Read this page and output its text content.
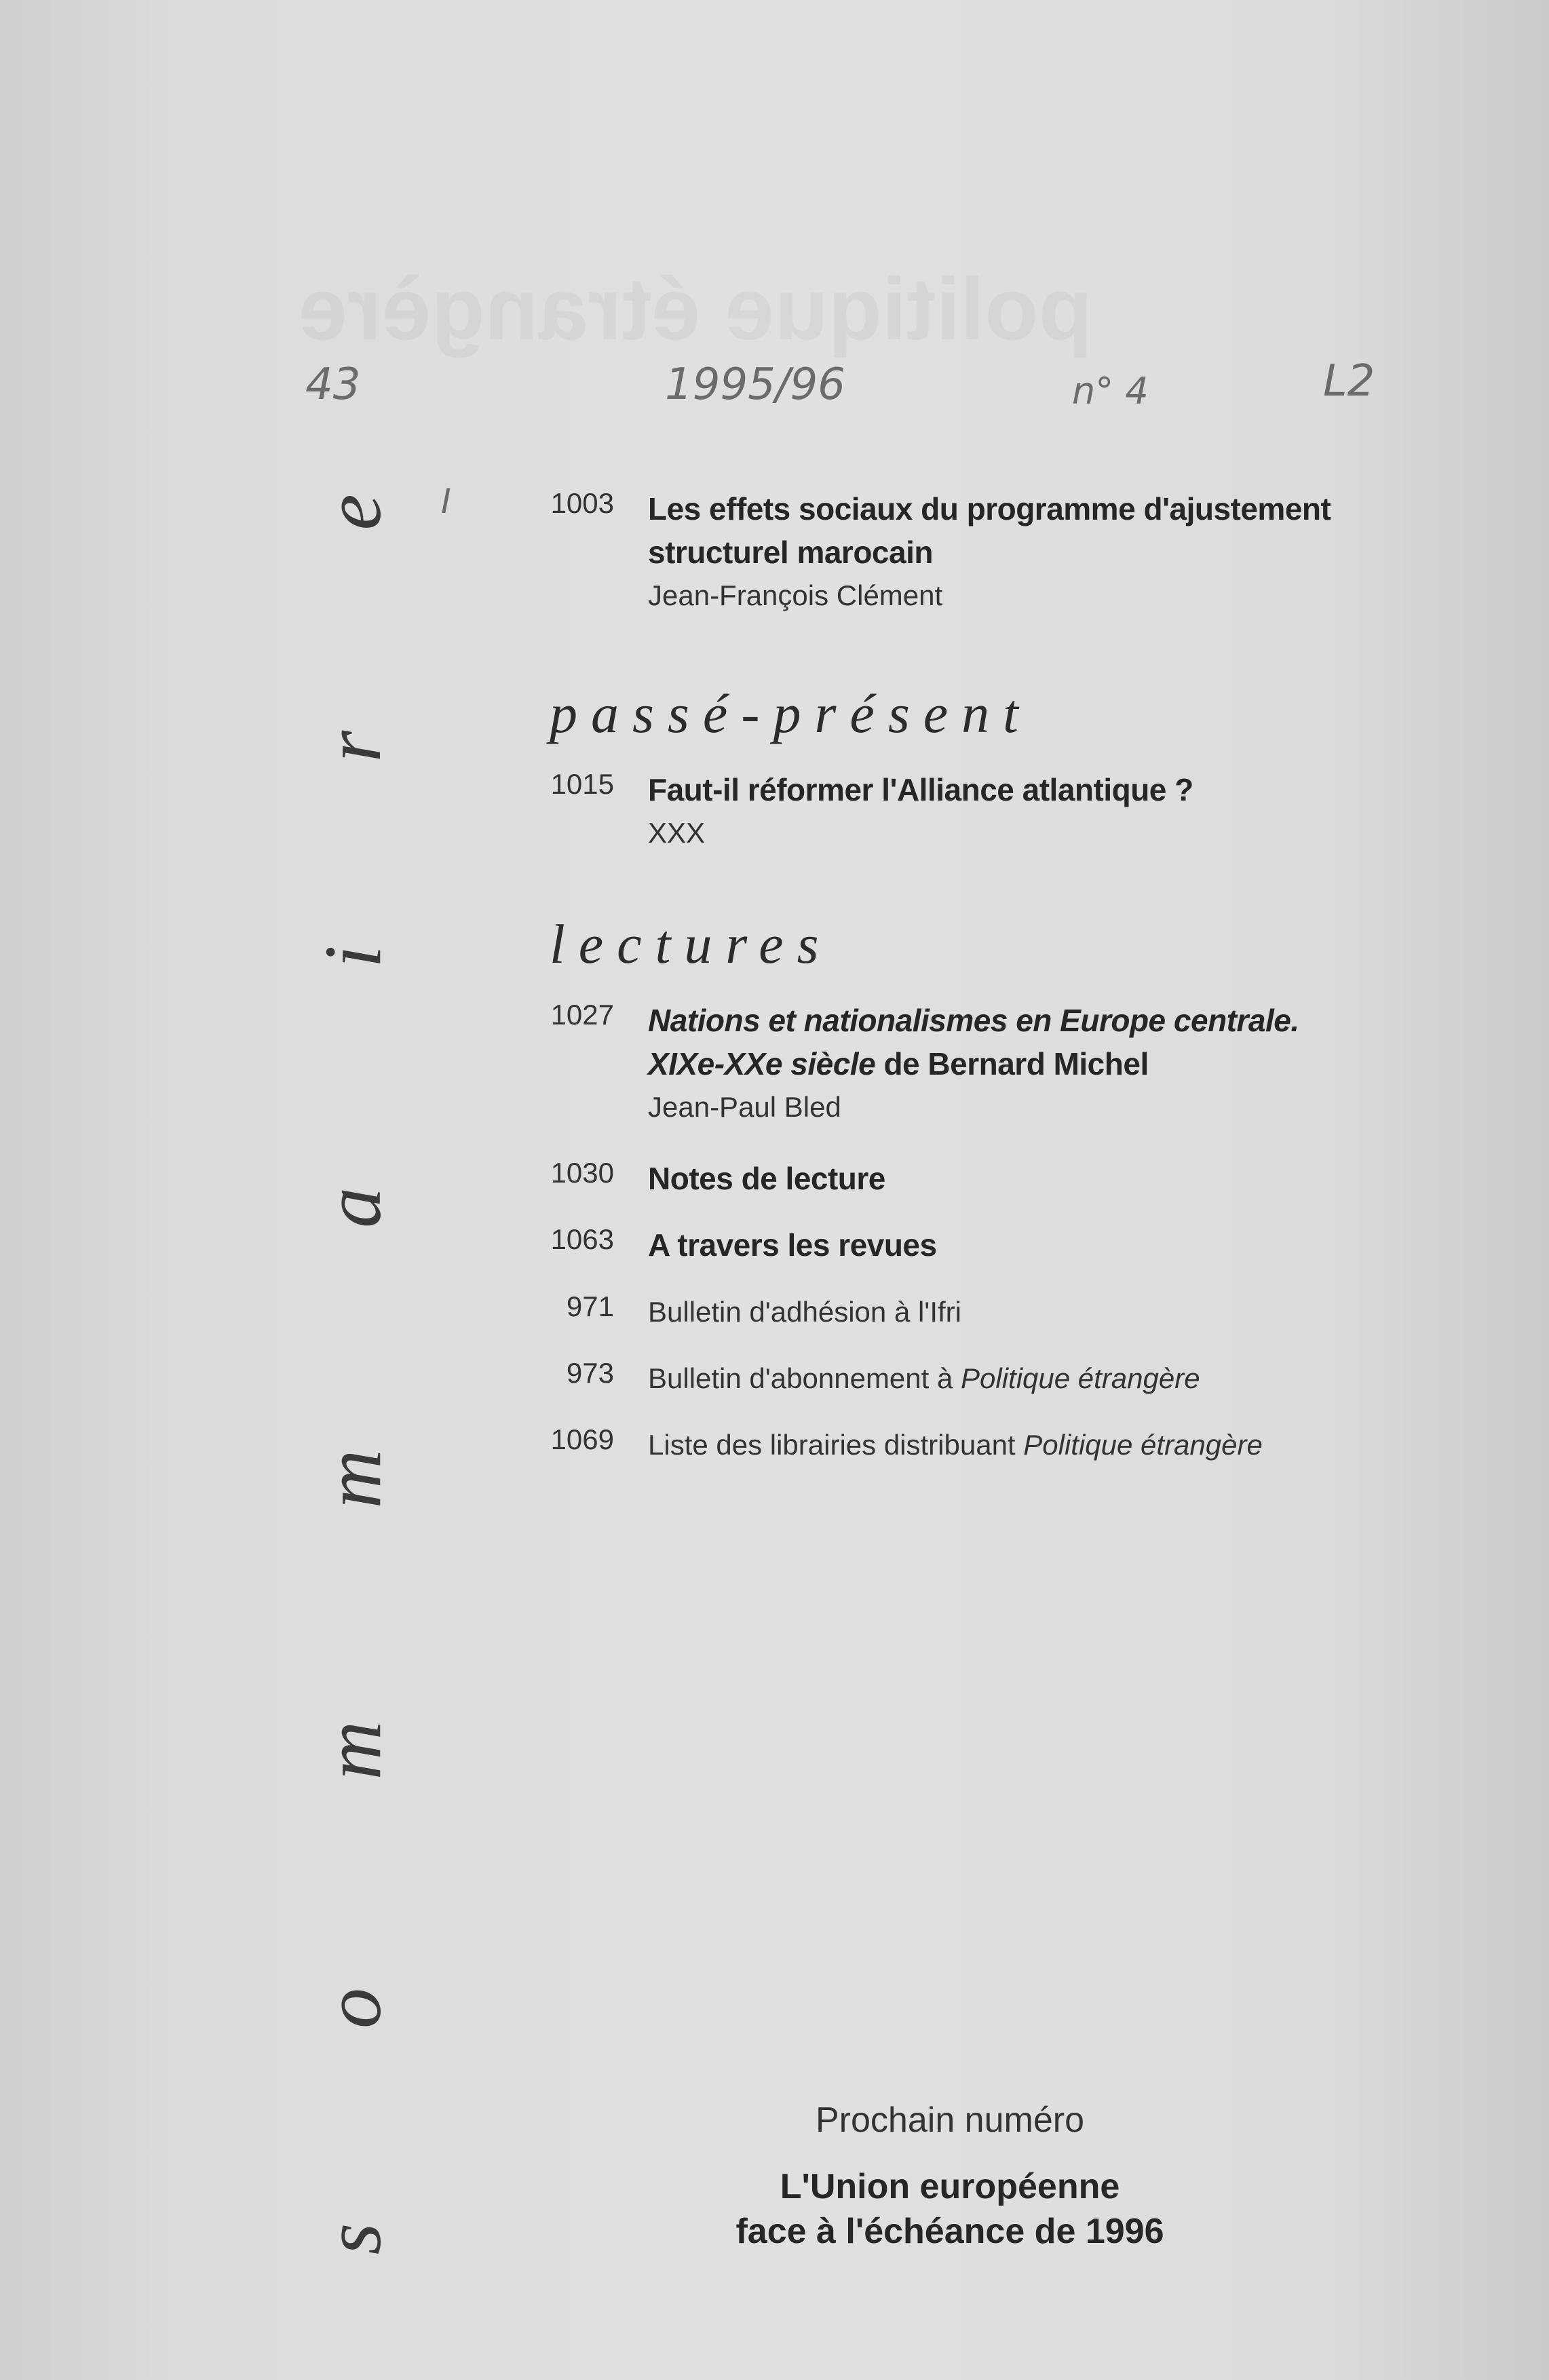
politique étrangère
43	1995/96	n° 4	L2
I
e
r
i
a
m
m
o
s
1003 Les effets sociaux du programme d'ajustement
structurel marocain
Jean-François Clément
passé-présent
1015 Faut-il réformer l'Alliance atlantique ?
XXX
lectures
1027 Nations et nationalismes en Europe centrale.
XIXe-XXe siècle de Bernard Michel
Jean-Paul Bled
1030 Notes de lecture
1063 A travers les revues
971 Bulletin d'adhésion à l'Ifri
973 Bulletin d'abonnement à Politique étrangère
1069 Liste des librairies distribuant Politique étrangère
Prochain numéro
L'Union européenne
face à l'échéance de 1996
